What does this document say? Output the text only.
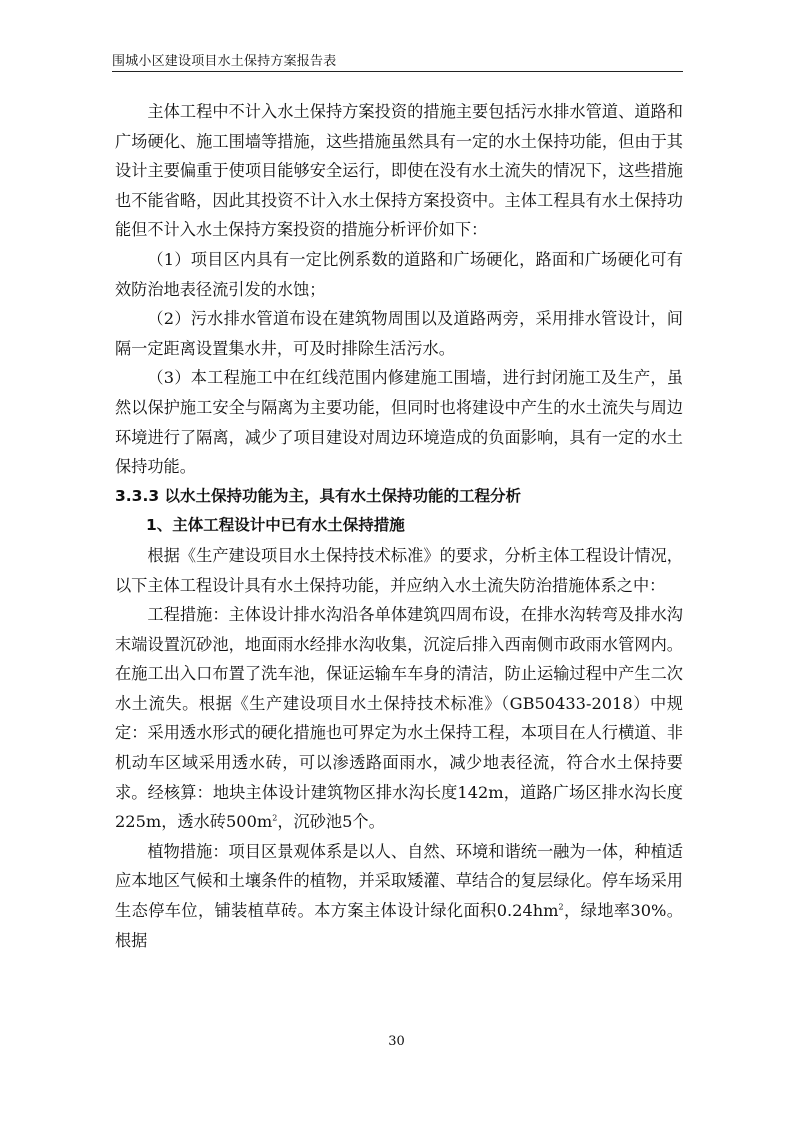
围城小区建设项目水土保持方案报告表

主体工程中不计入水土保持方案投资的措施主要包括污水排水管道、道路和广场硬化、施工围墙等措施，这些措施虽然具有一定的水土保持功能，但由于其设计主要偏重于使项目能够安全运行，即使在没有水土流失的情况下，这些措施也不能省略，因此其投资不计入水土保持方案投资中。主体工程具有水土保持功能但不计入水土保持方案投资的措施分析评价如下：

（1）项目区内具有一定比例系数的道路和广场硬化，路面和广场硬化可有效防治地表径流引发的水蚀；

（2）污水排水管道布设在建筑物周围以及道路两旁，采用排水管设计，间隔一定距离设置集水井，可及时排除生活污水。

（3）本工程施工中在红线范围内修建施工围墙，进行封闭施工及生产，虽然以保护施工安全与隔离为主要功能，但同时也将建设中产生的水土流失与周边环境进行了隔离，减少了项目建设对周边环境造成的负面影响，具有一定的水土保持功能。

3.3.3 以水土保持功能为主，具有水土保持功能的工程分析

1、主体工程设计中已有水土保持措施

根据《生产建设项目水土保持技术标准》的要求，分析主体工程设计情况，以下主体工程设计具有水土保持功能，并应纳入水土流失防治措施体系之中：

工程措施：主体设计排水沟沿各单体建筑四周布设，在排水沟转弯及排水沟末端设置沉砂池，地面雨水经排水沟收集，沉淀后排入西南侧市政雨水管网内。在施工出入口布置了洗车池，保证运输车车身的清洁，防止运输过程中产生二次水土流失。根据《生产建设项目水土保持技术标准》（GB50433-2018）中规定：采用透水形式的硬化措施也可界定为水土保持工程，本项目在人行横道、非机动车区域采用透水砖，可以渗透路面雨水，减少地表径流，符合水土保持要求。经核算：地块主体设计建筑物区排水沟长度142m，道路广场区排水沟长度225m，透水砖$500m^2$，沉砂池5个。

植物措施：项目区景观体系是以人、自然、环境和谐统一融为一体，种植适应本地区气候和土壤条件的植物，并采取矮灌、草结合的复层绿化。停车场采用生态停车位，铺装植草砖。本方案主体设计绿化面积$0.24hm^2$，绿地率30%。根据

30
